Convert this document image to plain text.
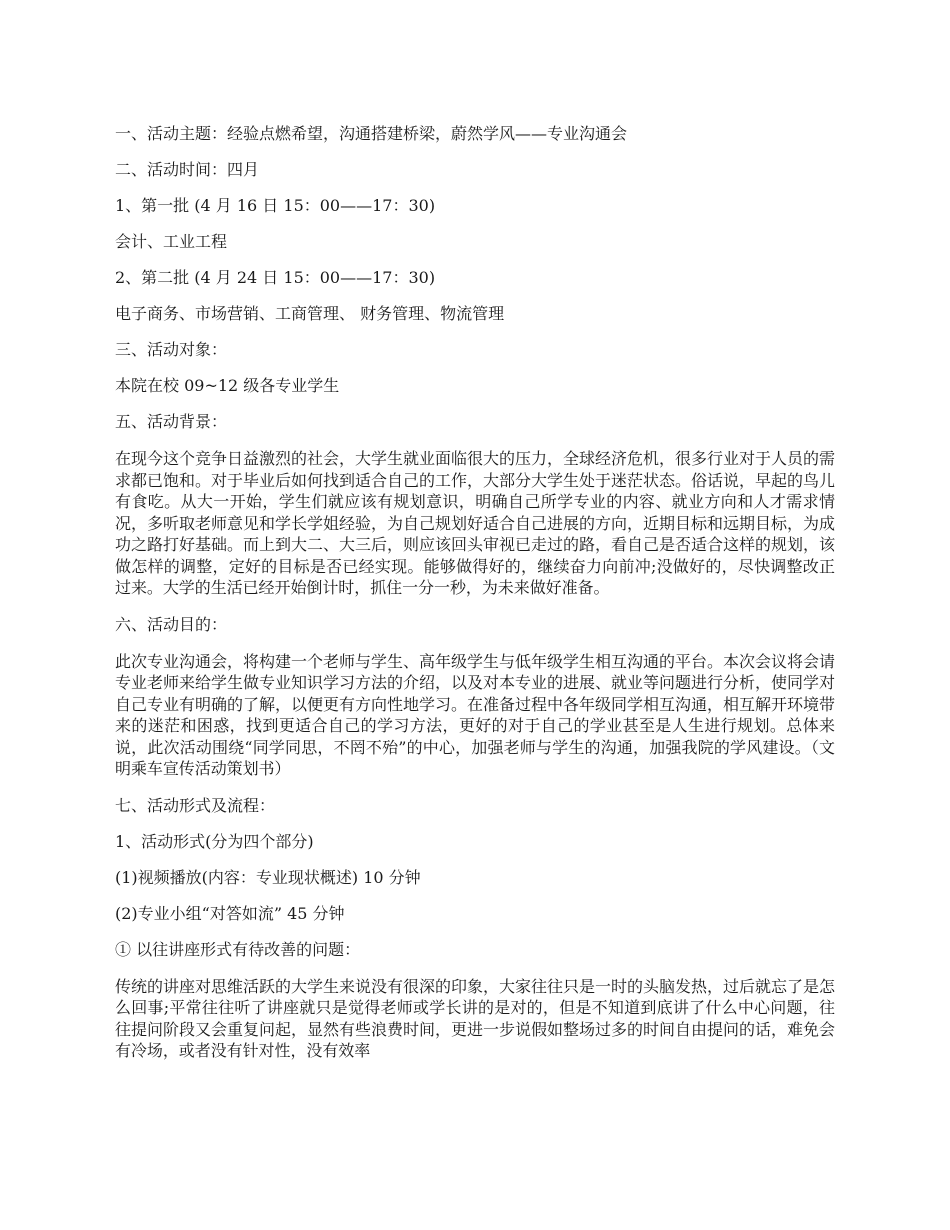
一、活动主题：经验点燃希望，沟通搭建桥梁，蔚然学风——专业沟通会
二、活动时间：四月
1、第一批 (4 月 16 日 15：00——17：30)
会计、工业工程
2、第二批 (4 月 24 日 15：00——17：30)
电子商务、市场营销、工商管理、 财务管理、物流管理
三、活动对象：
本院在校 09~12 级各专业学生
五、活动背景：
在现今这个竞争日益激烈的社会，大学生就业面临很大的压力，全球经济危机，很多行业对于人员的需求都已饱和。对于毕业后如何找到适合自己的工作，大部分大学生处于迷茫状态。俗话说，早起的鸟儿有食吃。从大一开始，学生们就应该有规划意识，明确自己所学专业的内容、就业方向和人才需求情况，多听取老师意见和学长学姐经验，为自己规划好适合自己进展的方向，近期目标和远期目标，为成功之路打好基础。而上到大二、大三后，则应该回头审视已走过的路，看自己是否适合这样的规划，该做怎样的调整，定好的目标是否已经实现。能够做得好的，继续奋力向前冲;没做好的，尽快调整改正过来。大学的生活已经开始倒计时，抓住一分一秒，为未来做好准备。
六、活动目的：
此次专业沟通会，将构建一个老师与学生、高年级学生与低年级学生相互沟通的平台。本次会议将会请专业老师来给学生做专业知识学习方法的介绍，以及对本专业的进展、就业等问题进行分析，使同学对自己专业有明确的了解，以便更有方向性地学习。在准备过程中各年级同学相互沟通，相互解开环境带来的迷茫和困惑，找到更适合自己的学习方法，更好的对于自己的学业甚至是人生进行规划。总体来说，此次活动围绕“同学同思，不罔不殆”的中心，加强老师与学生的沟通，加强我院的学风建设。（文明乘车宣传活动策划书）
七、活动形式及流程：
1、活动形式(分为四个部分)
(1)视频播放(内容：专业现状概述) 10 分钟
(2)专业小组“对答如流” 45 分钟
① 以往讲座形式有待改善的问题：
传统的讲座对思维活跃的大学生来说没有很深的印象，大家往往只是一时的头脑发热，过后就忘了是怎么回事;平常往往听了讲座就只是觉得老师或学长讲的是对的，但是不知道到底讲了什么中心问题，往往提问阶段又会重复问起，显然有些浪费时间，更进一步说假如整场过多的时间自由提问的话，难免会有冷场，或者没有针对性，没有效率
